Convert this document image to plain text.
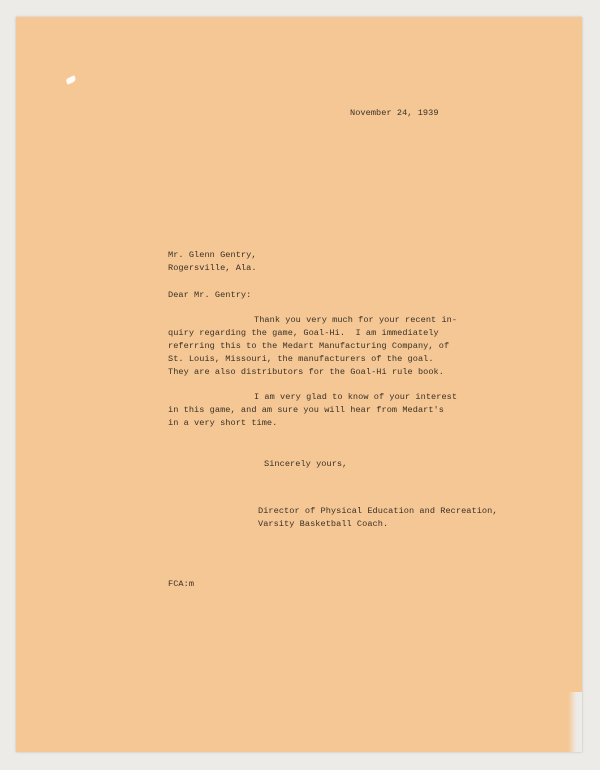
November 24, 1939
Mr. Glenn Gentry,
Rogersville, Ala.
Dear Mr. Gentry:
Thank you very much for your recent in-
quiry regarding the game, Goal-Hi.  I am immediately
referring this to the Medart Manufacturing Company, of
St. Louis, Missouri, the manufacturers of the goal.
They are also distributors for the Goal-Hi rule book.
I am very glad to know of your interest
in this game, and am sure you will hear from Medart's
in a very short time.
Sincerely yours,
Director of Physical Education and Recreation,
Varsity Basketball Coach.
FCA:m
